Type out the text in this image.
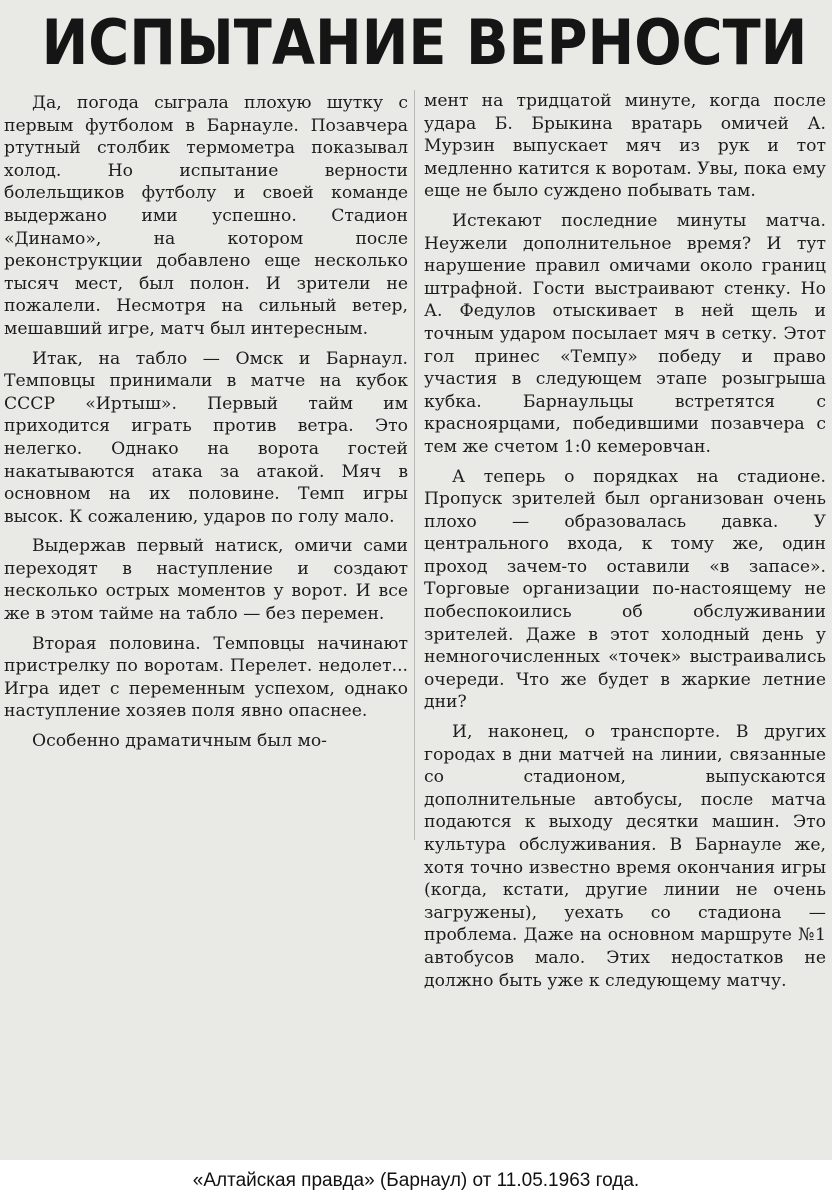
ИСПЫТАНИЕ ВЕРНОСТИ

Да, погода сыграла плохую шутку с первым футболом в Барнауле. Позавчера ртутный столбик термометра показывал холод. Но испытание верности болельщиков футболу и своей команде выдержано ими успешно. Стадион «Динамо», на котором после реконструкции добавлено еще несколько тысяч мест, был полон. И зрители не пожалели. Несмотря на сильный ветер, мешавший игре, матч был интересным.

Итак, на табло — Омск и Барнаул. Темповцы принимали в матче на кубок СССР «Иртыш». Первый тайм им приходится играть против ветра. Это нелегко. Однако на ворота гостей накатываются атака за атакой. Мяч в основном на их половине. Темп игры высок. К сожалению, ударов по голу мало.

Выдержав первый натиск, омичи сами переходят в наступление и создают несколько острых моментов у ворот. И все же в этом тайме на табло — без перемен.

Вторая половина. Темповцы начинают пристрелку по воротам. Перелет. недолет... Игра идет с переменным успехом, однако наступление хозяев поля явно опаснее.

Особенно драматичным был мо-

мент на тридцатой минуте, когда после удара Б. Брыкина вратарь омичей А. Мурзин выпускает мяч из рук и тот медленно катится к воротам. Увы, пока ему еще не было суждено побывать там.

Истекают последние минуты матча. Неужели дополнительное время? И тут нарушение правил омичами около границ штрафной. Гости выстраивают стенку. Но А. Федулов отыскивает в ней щель и точным ударом посылает мяч в сетку. Этот гол принес «Темпу» победу и право участия в следующем этапе розыгрыша кубка. Барнаульцы встретятся с красноярцами, победившими позавчера с тем же счетом 1:0 кемеровчан.

А теперь о порядках на стадионе. Пропуск зрителей был организован очень плохо — образовалась давка. У центрального входа, к тому же, один проход зачем-то оставили «в запасе». Торговые организации по-настоящему не побеспокоились об обслуживании зрителей. Даже в этот холодный день у немногочисленных «точек» выстраивались очереди. Что же будет в жаркие летние дни?

И, наконец, о транспорте. В других городах в дни матчей на линии, связанные со стадионом, выпускаются дополнительные автобусы, после матча подаются к выходу десятки машин. Это культура обслуживания. В Барнауле же, хотя точно известно время окончания игры (когда, кстати, другие линии не очень загружены), уехать со стадиона — проблема. Даже на основном маршруте №1 автобусов мало. Этих недостатков не должно быть уже к следующему матчу.

«Алтайская правда» (Барнаул) от 11.05.1963 года.
